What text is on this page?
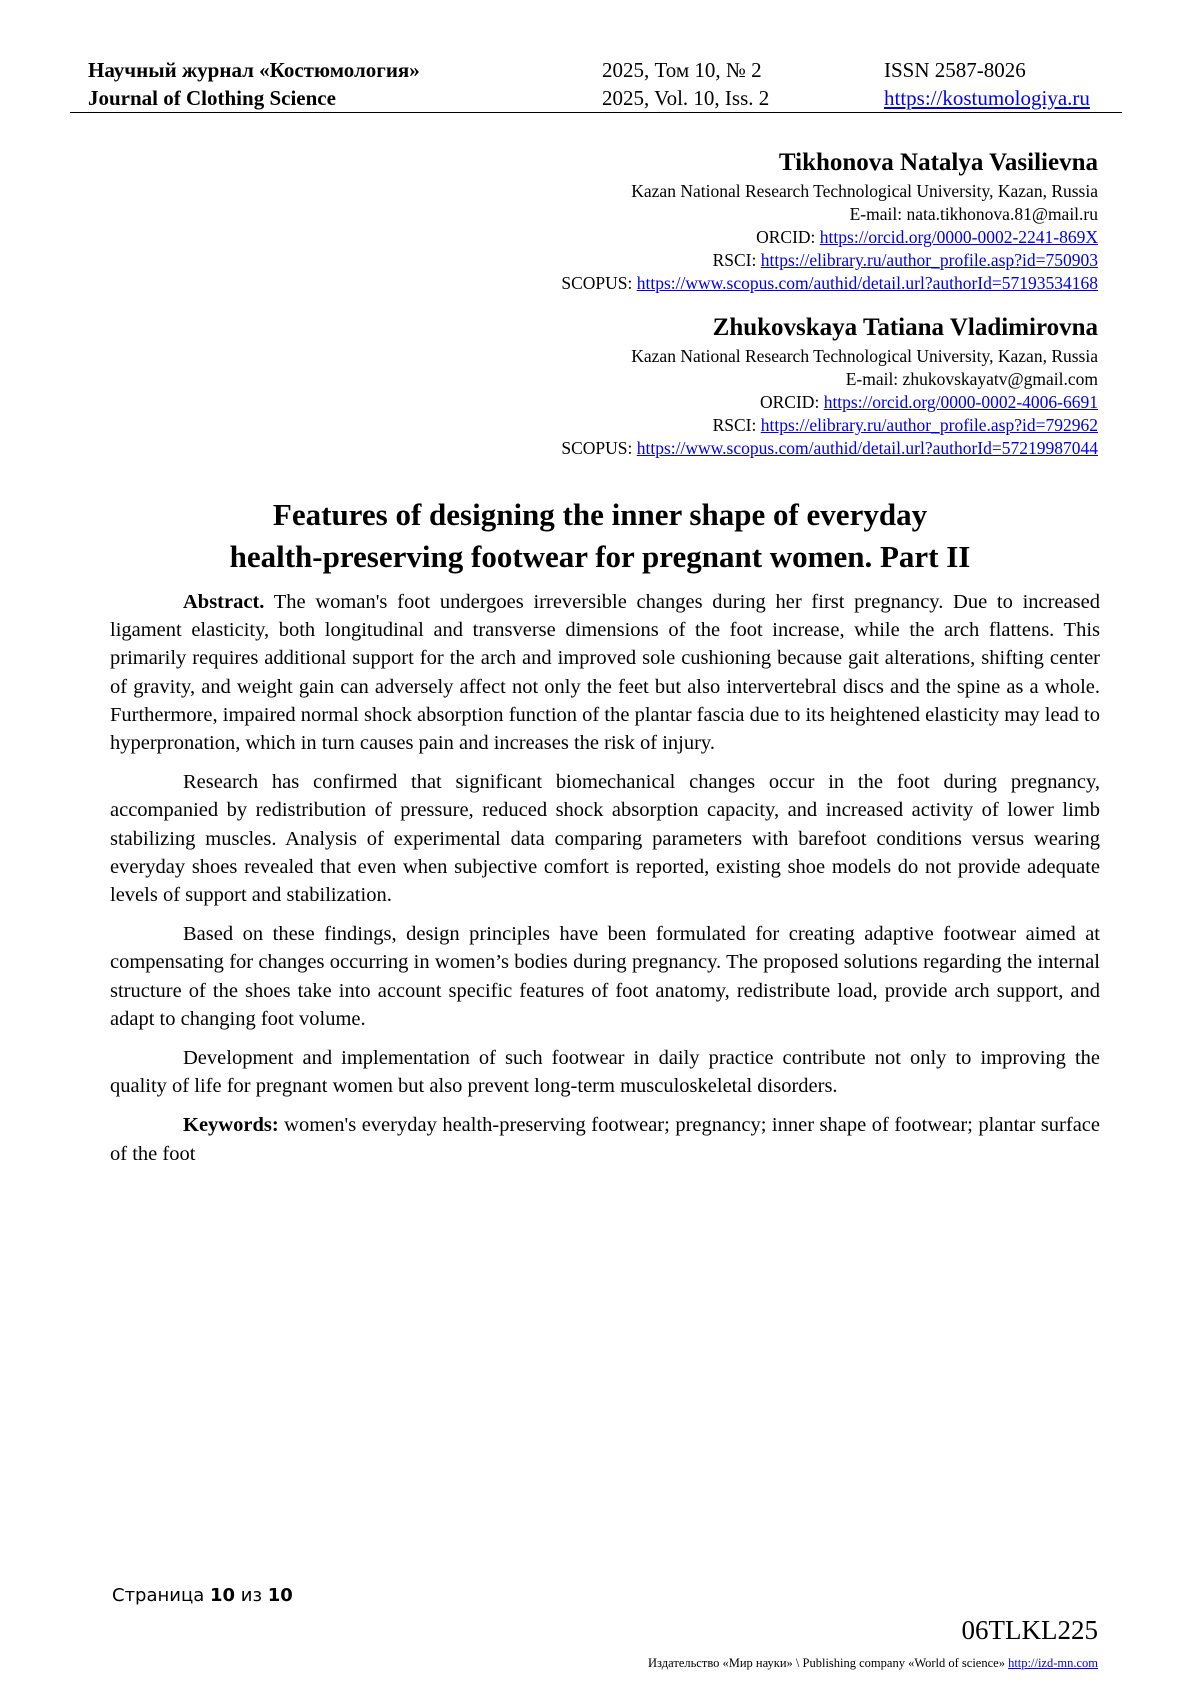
Научный журнал «Костюмология»
Journal of Clothing Science
2025, Том 10, № 2
2025, Vol. 10, Iss. 2
ISSN 2587-8026
https://kostumologiya.ru
Tikhonova Natalya Vasilievna
Kazan National Research Technological University, Kazan, Russia
E-mail: nata.tikhonova.81@mail.ru
ORCID: https://orcid.org/0000-0002-2241-869X
RSCI: https://elibrary.ru/author_profile.asp?id=750903
SCOPUS: https://www.scopus.com/authid/detail.url?authorId=57193534168
Zhukovskaya Tatiana Vladimirovna
Kazan National Research Technological University, Kazan, Russia
E-mail: zhukovskayatv@gmail.com
ORCID: https://orcid.org/0000-0002-4006-6691
RSCI: https://elibrary.ru/author_profile.asp?id=792962
SCOPUS: https://www.scopus.com/authid/detail.url?authorId=57219987044
Features of designing the inner shape of everyday
health-preserving footwear for pregnant women. Part II

Abstract. The woman's foot undergoes irreversible changes during her first pregnancy. Due to increased ligament elasticity, both longitudinal and transverse dimensions of the foot increase, while the arch flattens. This primarily requires additional support for the arch and improved sole cushioning because gait alterations, shifting center of gravity, and weight gain can adversely affect not only the feet but also intervertebral discs and the spine as a whole. Furthermore, impaired normal shock absorption function of the plantar fascia due to its heightened elasticity may lead to hyperpronation, which in turn causes pain and increases the risk of injury.

Research has confirmed that significant biomechanical changes occur in the foot during pregnancy, accompanied by redistribution of pressure, reduced shock absorption capacity, and increased activity of lower limb stabilizing muscles. Analysis of experimental data comparing parameters with barefoot conditions versus wearing everyday shoes revealed that even when subjective comfort is reported, existing shoe models do not provide adequate levels of support and stabilization.

Based on these findings, design principles have been formulated for creating adaptive footwear aimed at compensating for changes occurring in women’s bodies during pregnancy. The proposed solutions regarding the internal structure of the shoes take into account specific features of foot anatomy, redistribute load, provide arch support, and adapt to changing foot volume.

Development and implementation of such footwear in daily practice contribute not only to improving the quality of life for pregnant women but also prevent long-term musculoskeletal disorders.

Keywords: women's everyday health-preserving footwear; pregnancy; inner shape of footwear; plantar surface of the foot

Страница 10 из 10
06TLKL225
Издательство «Мир науки» \ Publishing company «World of science» http://izd-mn.com
